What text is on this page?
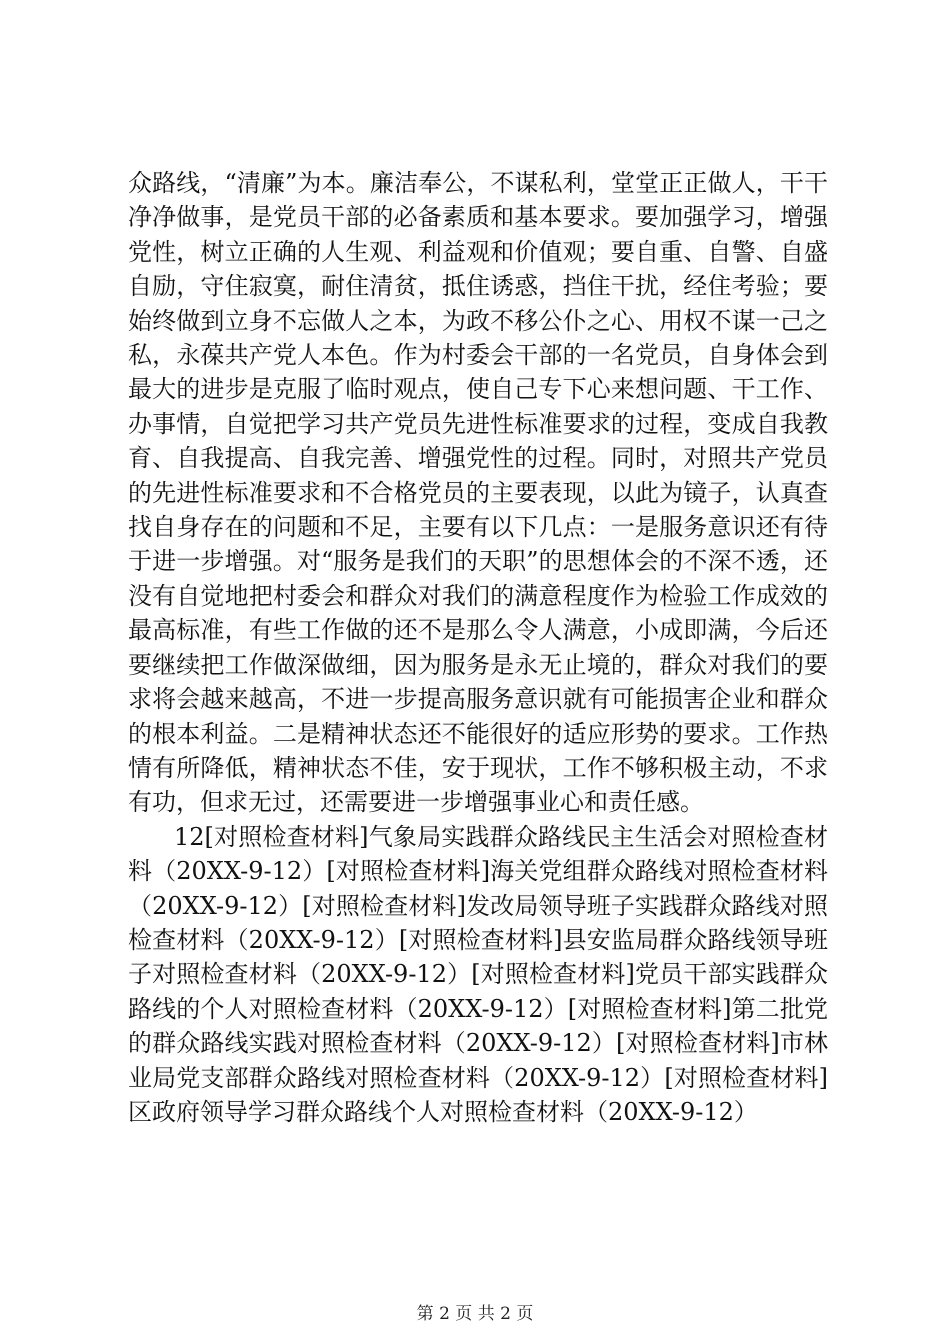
众路线，“清廉”为本。廉洁奉公，不谋私利，堂堂正正做人，干干净净做事，是党员干部的必备素质和基本要求。要加强学习，增强党性，树立正确的人生观、利益观和价值观；要自重、自警、自盛自励，守住寂寞，耐住清贫，抵住诱惑，挡住干扰，经住考验；要始终做到立身不忘做人之本，为政不移公仆之心、用权不谋一己之私，永葆共产党人本色。作为村委会干部的一名党员，自身体会到最大的进步是克服了临时观点，使自己专下心来想问题、干工作、办事情，自觉把学习共产党员先进性标准要求的过程，变成自我教育、自我提高、自我完善、增强党性的过程。同时，对照共产党员的先进性标准要求和不合格党员的主要表现，以此为镜子，认真查找自身存在的问题和不足，主要有以下几点：一是服务意识还有待于进一步增强。对“服务是我们的天职”的思想体会的不深不透，还没有自觉地把村委会和群众对我们的满意程度作为检验工作成效的最高标准，有些工作做的还不是那么令人满意，小成即满，今后还要继续把工作做深做细，因为服务是永无止境的，群众对我们的要求将会越来越高，不进一步提高服务意识就有可能损害企业和群众的根本利益。二是精神状态还不能很好的适应形势的要求。工作热情有所降低，精神状态不佳，安于现状，工作不够积极主动，不求有功，但求无过，还需要进一步增强事业心和责任感。

12[对照检查材料]气象局实践群众路线民主生活会对照检查材料（20XX-9-12）[对照检查材料]海关党组群众路线对照检查材料（20XX-9-12）[对照检查材料]发改局领导班子实践群众路线对照检查材料（20XX-9-12）[对照检查材料]县安监局群众路线领导班子对照检查材料（20XX-9-12）[对照检查材料]党员干部实践群众路线的个人对照检查材料（20XX-9-12）[对照检查材料]第二批党的群众路线实践对照检查材料（20XX-9-12）[对照检查材料]市林业局党支部群众路线对照检查材料（20XX-9-12）[对照检查材料]区政府领导学习群众路线个人对照检查材料（20XX-9-12）

第 2 页 共 2 页
